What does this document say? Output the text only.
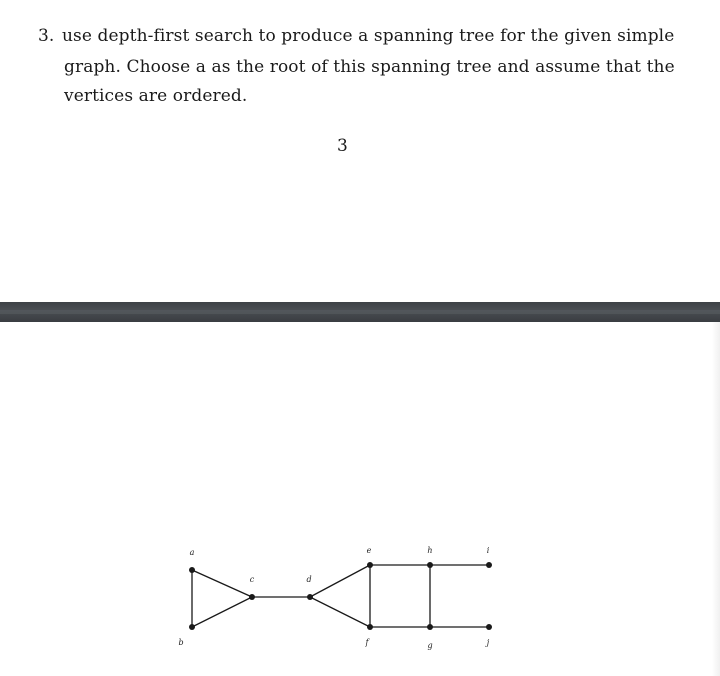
3. use depth-first search to produce a spanning tree for the given simple
graph. Choose a as the root of this spanning tree and assume that the
vertices are ordered.
3
a
b
c	d
e
f	g
h	i
j
